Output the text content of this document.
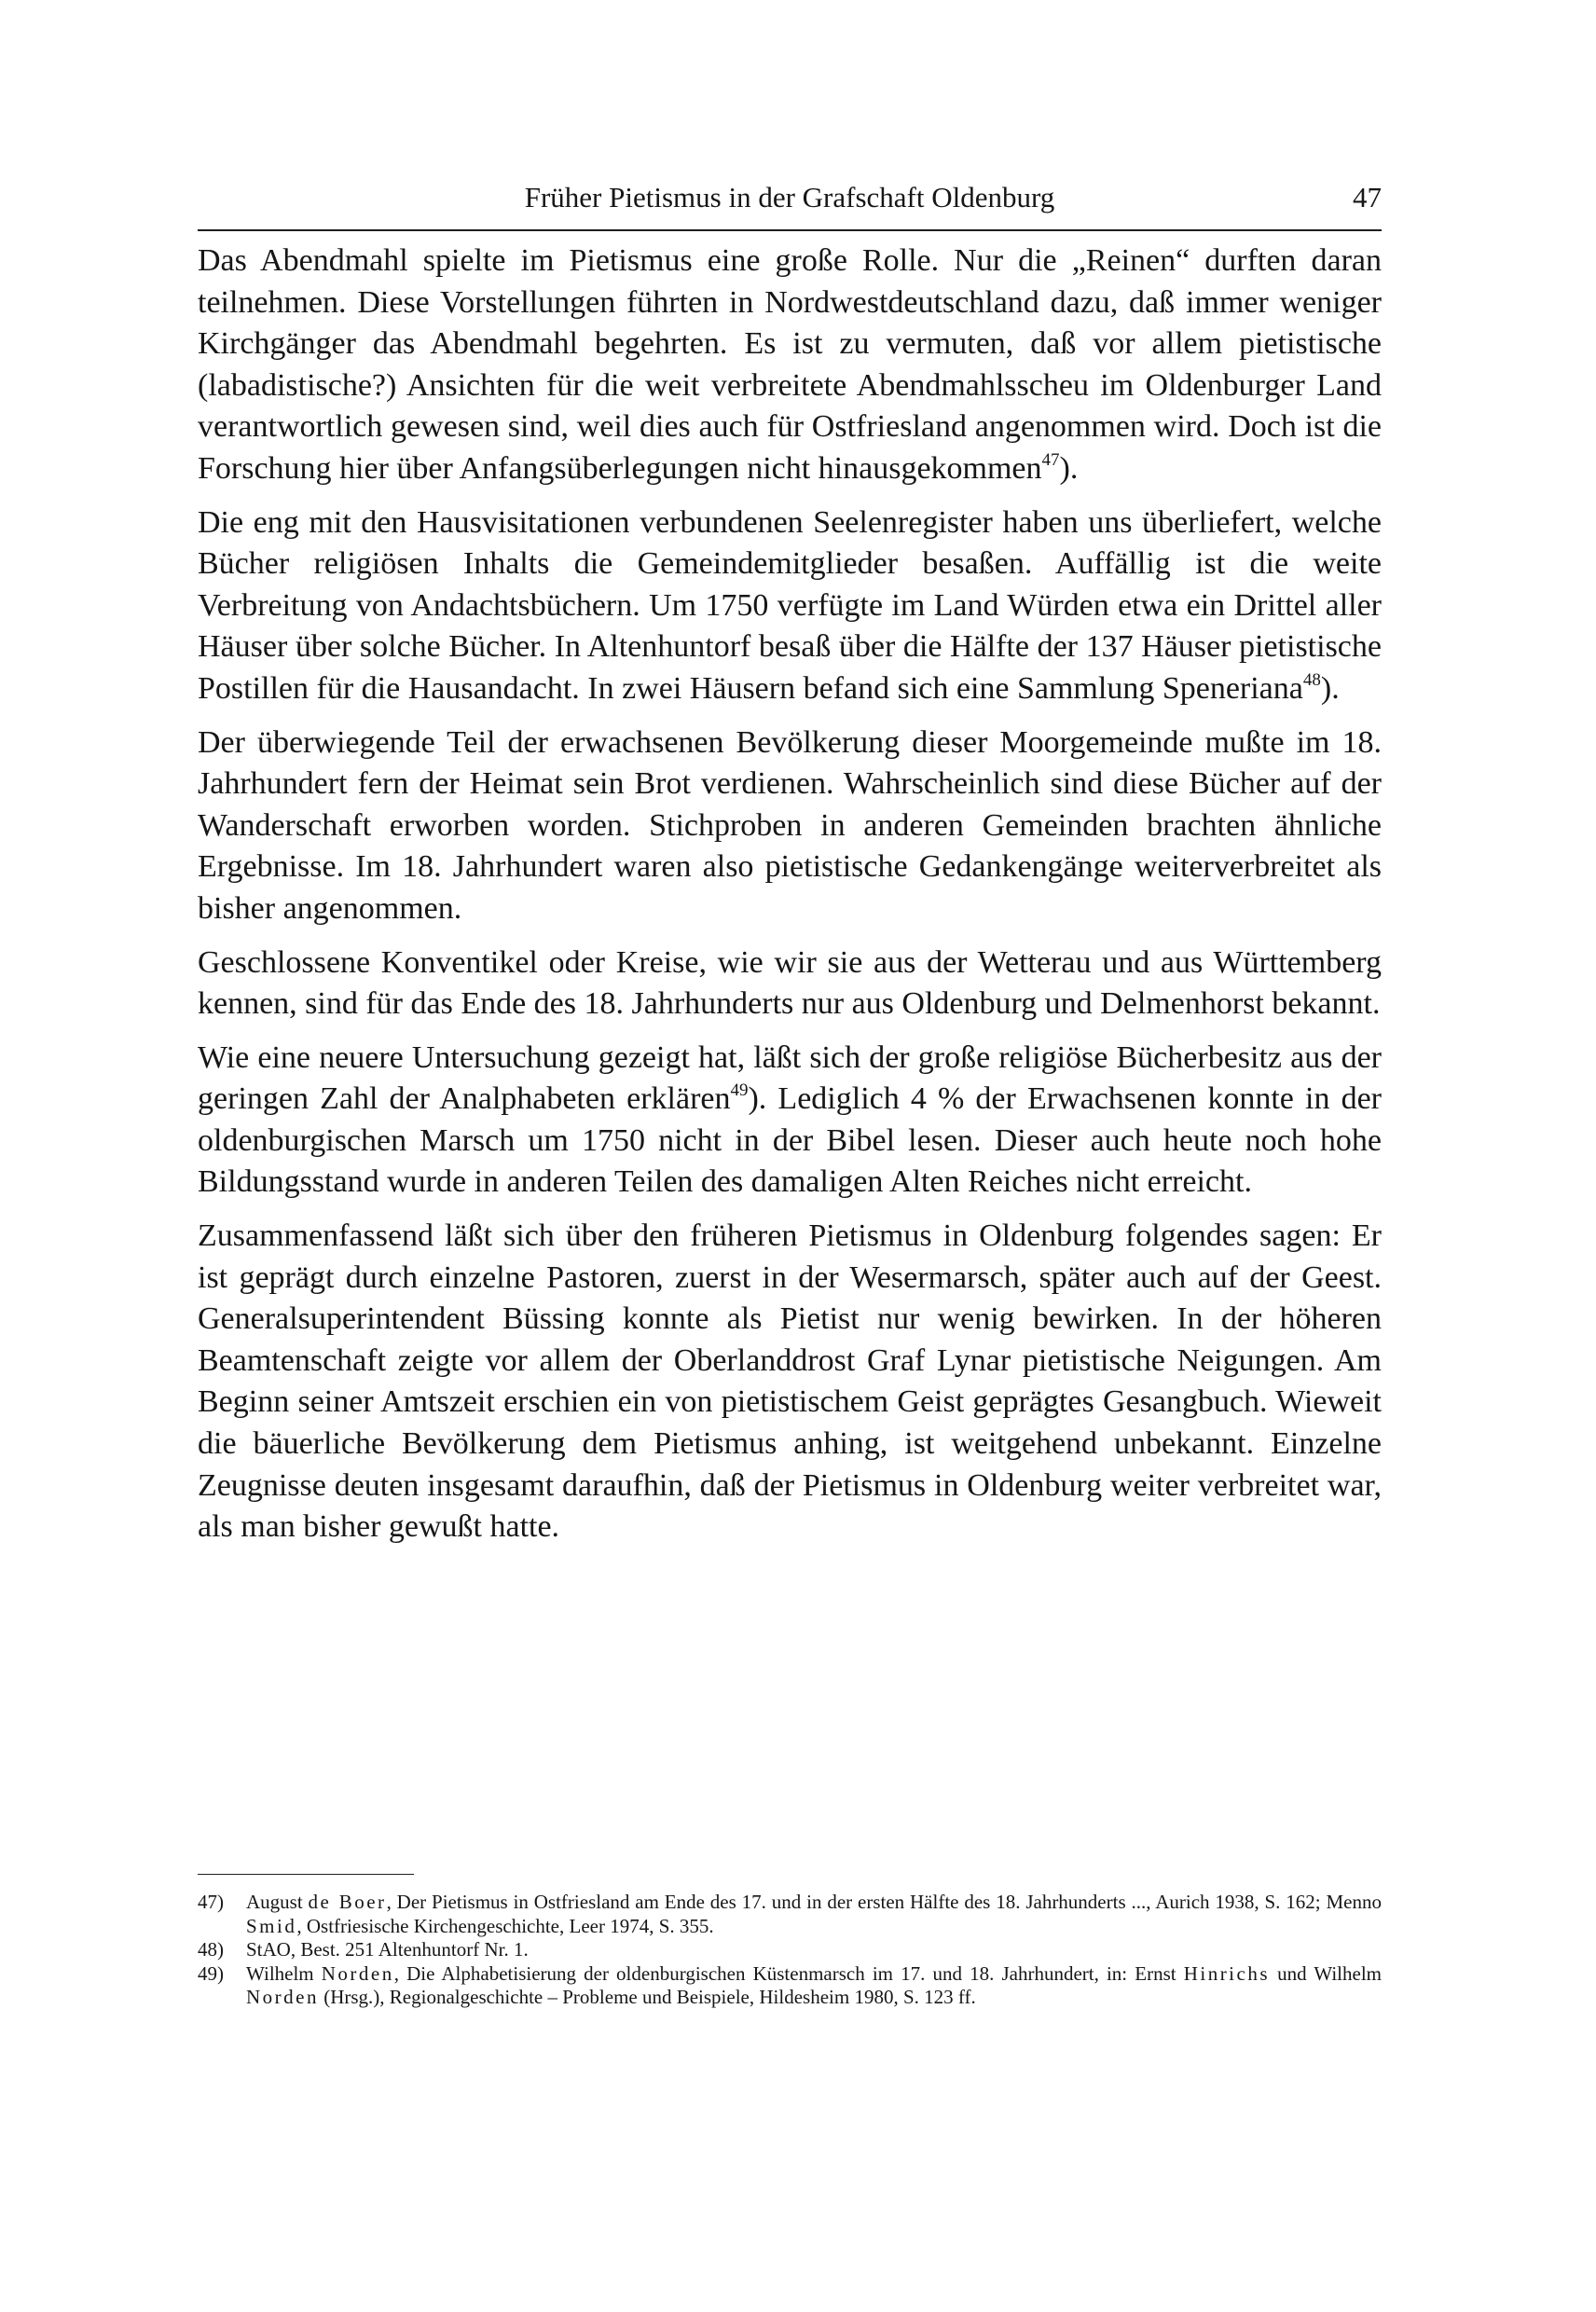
Früher Pietismus in der Grafschaft Oldenburg	47

Das Abendmahl spielte im Pietismus eine große Rolle. Nur die „Reinen“ durften daran teilnehmen. Diese Vorstellungen führten in Nordwestdeutschland dazu, daß immer weniger Kirchgänger das Abendmahl begehrten. Es ist zu vermuten, daß vor allem pietistische (labadistische?) Ansichten für die weit verbreitete Abendmahlsscheu im Oldenburger Land verantwortlich gewesen sind, weil dies auch für Ostfriesland angenommen wird. Doch ist die Forschung hier über Anfangsüberlegungen nicht hinausgekommen$^{47}$).

Die eng mit den Hausvisitationen verbundenen Seelenregister haben uns überliefert, welche Bücher religiösen Inhalts die Gemeindemitglieder besaßen. Auffällig ist die weite Verbreitung von Andachtsbüchern. Um 1750 verfügte im Land Würden etwa ein Drittel aller Häuser über solche Bücher. In Altenhuntorf besaß über die Hälfte der 137 Häuser pietistische Postillen für die Hausandacht. In zwei Häusern befand sich eine Sammlung Speneriana$^{48}$).

Der überwiegende Teil der erwachsenen Bevölkerung dieser Moorgemeinde mußte im 18. Jahrhundert fern der Heimat sein Brot verdienen. Wahrscheinlich sind diese Bücher auf der Wanderschaft erworben worden. Stichproben in anderen Gemeinden brachten ähnliche Ergebnisse. Im 18. Jahrhundert waren also pietistische Gedankengänge weiterverbreitet als bisher angenommen.

Geschlossene Konventikel oder Kreise, wie wir sie aus der Wetterau und aus Württemberg kennen, sind für das Ende des 18. Jahrhunderts nur aus Oldenburg und Delmenhorst bekannt.

Wie eine neuere Untersuchung gezeigt hat, läßt sich der große religiöse Bücherbesitz aus der geringen Zahl der Analphabeten erklären$^{49}$). Lediglich 4 % der Erwachsenen konnte in der oldenburgischen Marsch um 1750 nicht in der Bibel lesen. Dieser auch heute noch hohe Bildungsstand wurde in anderen Teilen des damaligen Alten Reiches nicht erreicht.

Zusammenfassend läßt sich über den früheren Pietismus in Oldenburg folgendes sagen: Er ist geprägt durch einzelne Pastoren, zuerst in der Wesermarsch, später auch auf der Geest. Generalsuperintendent Büssing konnte als Pietist nur wenig bewirken. In der höheren Beamtenschaft zeigte vor allem der Oberlanddrost Graf Lynar pietistische Neigungen. Am Beginn seiner Amtszeit erschien ein von pietistischem Geist geprägtes Gesangbuch. Wieweit die bäuerliche Bevölkerung dem Pietismus anhing, ist weitgehend unbekannt. Einzelne Zeugnisse deuten insgesamt daraufhin, daß der Pietismus in Oldenburg weiter verbreitet war, als man bisher gewußt hatte.

47) August de Boer, Der Pietismus in Ostfriesland am Ende des 17. und in der ersten Hälfte des 18. Jahrhunderts ..., Aurich 1938, S. 162; Menno Smid, Ostfriesische Kirchengeschichte, Leer 1974, S. 355.

48) StAO, Best. 251 Altenhuntorf Nr. 1.

49) Wilhelm Norden, Die Alphabetisierung der oldenburgischen Küstenmarsch im 17. und 18. Jahrhundert, in: Ernst Hinrichs und Wilhelm Norden (Hrsg.), Regionalgeschichte – Probleme und Beispiele, Hildesheim 1980, S. 123 ff.
